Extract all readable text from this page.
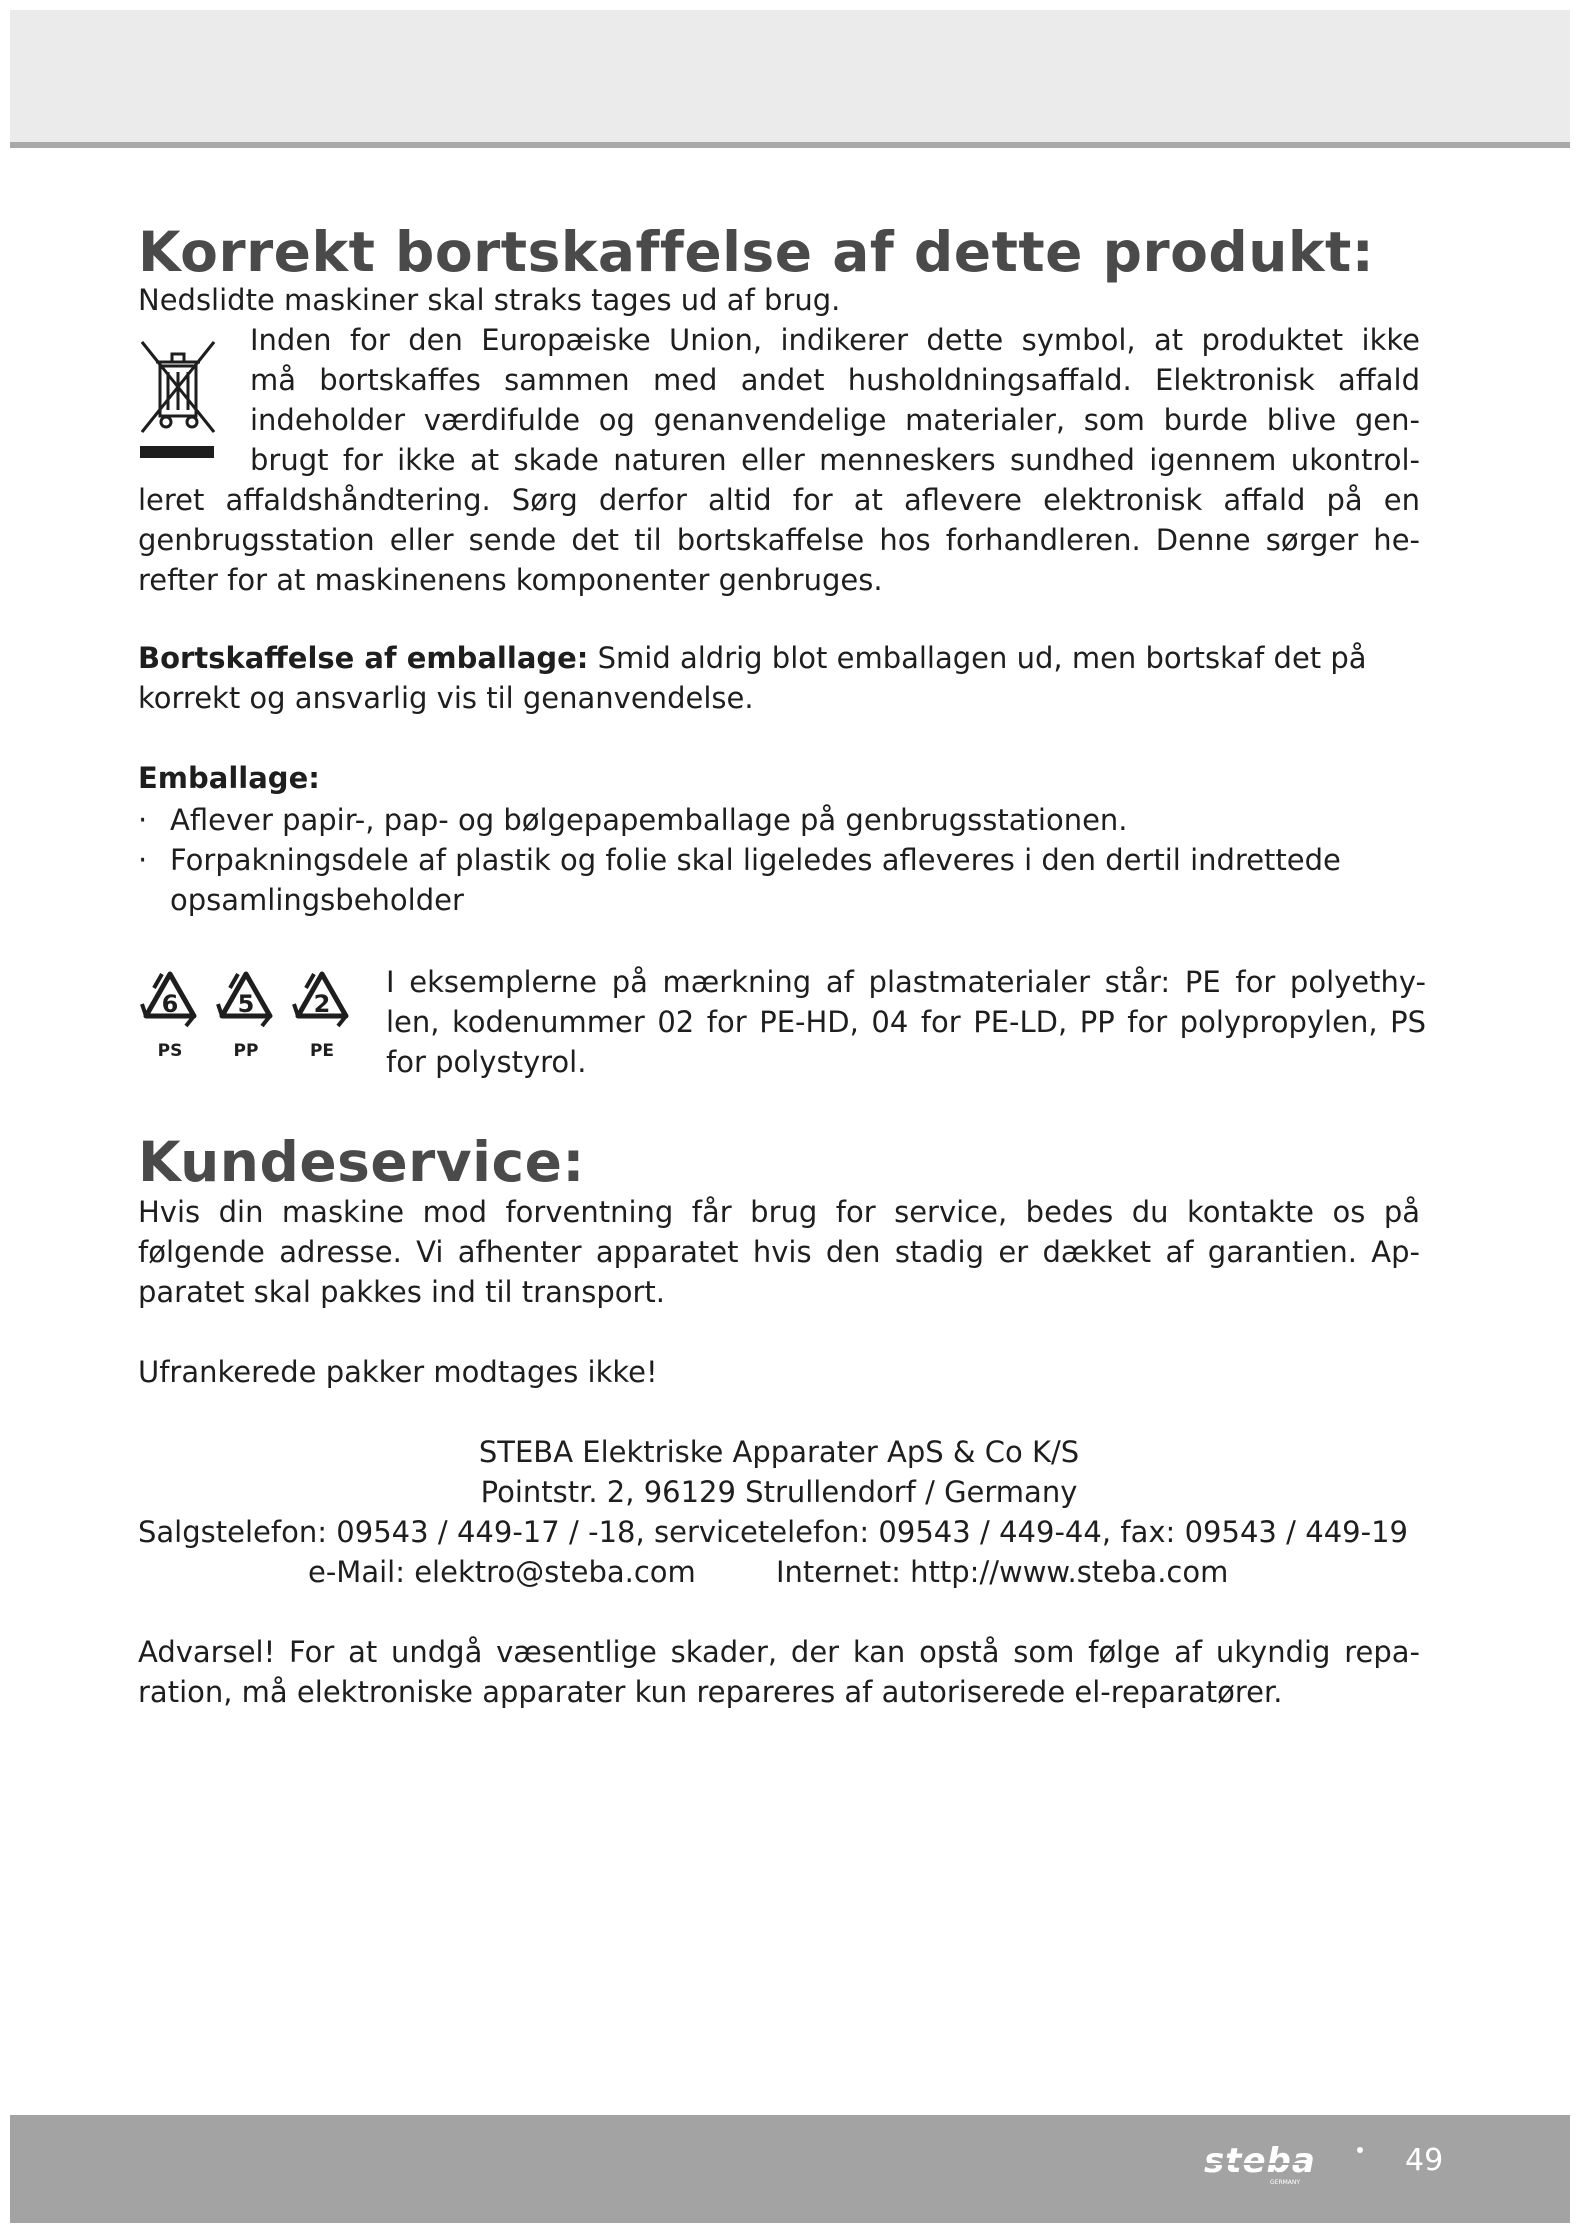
Korrekt bortskaffelse af dette produkt:
Nedslidte maskiner skal straks tages ud af brug.
Inden for den Europæiske Union, indikerer dette symbol, at produktet ikke
må bortskaffes sammen med andet husholdningsaffald. Elektronisk affald
indeholder værdifulde og genanvendelige materialer, som burde blive gen-
brugt for ikke at skade naturen eller menneskers sundhed igennem ukontrol-
leret affaldshåndtering. Sørg derfor altid for at aflevere elektronisk affald på en
genbrugsstation eller sende det til bortskaffelse hos forhandleren. Denne sørger he-
refter for at maskinenens komponenter genbruges.
Bortskaffelse af emballage: Smid aldrig blot emballagen ud, men bortskaf det på
korrekt og ansvarlig vis til genanvendelse.
Emballage:
· Aflever papir-, pap- og bølgepapemballage på genbrugsstationen.
· Forpakningsdele af plastik og folie skal ligeledes afleveres i den dertil indrettede
opsamlingsbeholder
6
PS
5
PP
2
PE
I eksemplerne på mærkning af plastmaterialer står: PE for polyethy-
len, kodenummer 02 for PE-HD, 04 for PE-LD, PP for polypropylen, PS
for polystyrol.
Kundeservice:
Hvis din maskine mod forventning får brug for service, bedes du kontakte os på
følgende adresse. Vi afhenter apparatet hvis den stadig er dækket af garantien. Ap-
paratet skal pakkes ind til transport.
Ufrankerede pakker modtages ikke!
STEBA Elektriske Apparater ApS & Co K/S
Pointstr. 2, 96129 Strullendorf / Germany
Salgstelefon: 09543 / 449-17 / -18, servicetelefon: 09543 / 449-44, fax: 09543 / 449-19
e-Mail: elektro@steba.com	Internet: http://www.steba.com
Advarsel! For at undgå væsentlige skader, der kan opstå som følge af ukyndig repa-
ration, må elektroniske apparater kun repareres af autoriserede el-reparatører.
steba
GERMANY
49
